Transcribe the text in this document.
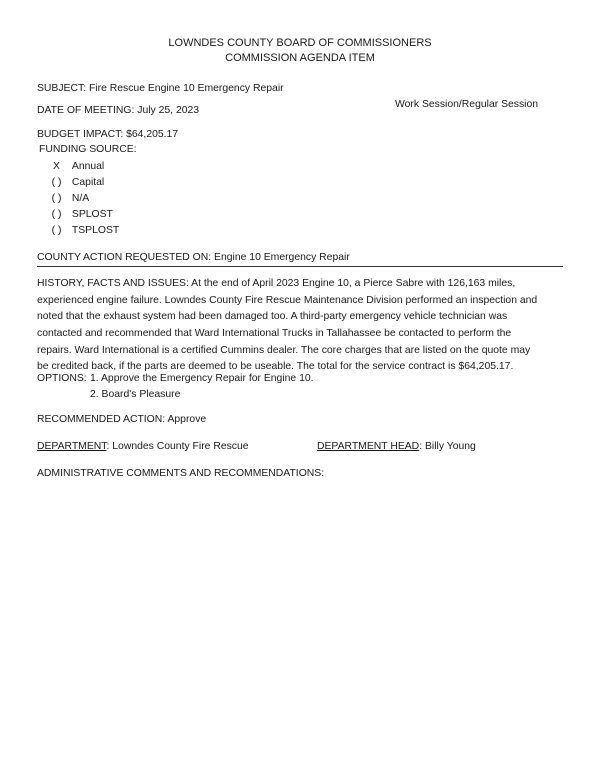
LOWNDES COUNTY BOARD OF COMMISSIONERS
COMMISSION AGENDA ITEM
SUBJECT: Fire Rescue Engine 10 Emergency Repair
DATE OF MEETING: July 25, 2023
Work Session/Regular Session
BUDGET IMPACT: $64,205.17
FUNDING SOURCE:
X Annual
( ) Capital
( ) N/A
( ) SPLOST
( ) TSPLOST
COUNTY ACTION REQUESTED ON: Engine 10 Emergency Repair
HISTORY, FACTS AND ISSUES: At the end of April 2023 Engine 10, a Pierce Sabre with 126,163 miles,
experienced engine failure. Lowndes County Fire Rescue Maintenance Division performed an inspection and
noted that the exhaust system had been damaged too. A third-party emergency vehicle technician was
contacted and recommended that Ward International Trucks in Tallahassee be contacted to perform the
repairs. Ward International is a certified Cummins dealer. The core charges that are listed on the quote may
be credited back, if the parts are deemed to be useable. The total for the service contract is $64,205.17.
OPTIONS: 1. Approve the Emergency Repair for Engine 10.
2. Board's Pleasure
RECOMMENDED ACTION: Approve
DEPARTMENT: Lowndes County Fire Rescue	DEPARTMENT HEAD: Billy Young
ADMINISTRATIVE COMMENTS AND RECOMMENDATIONS:
